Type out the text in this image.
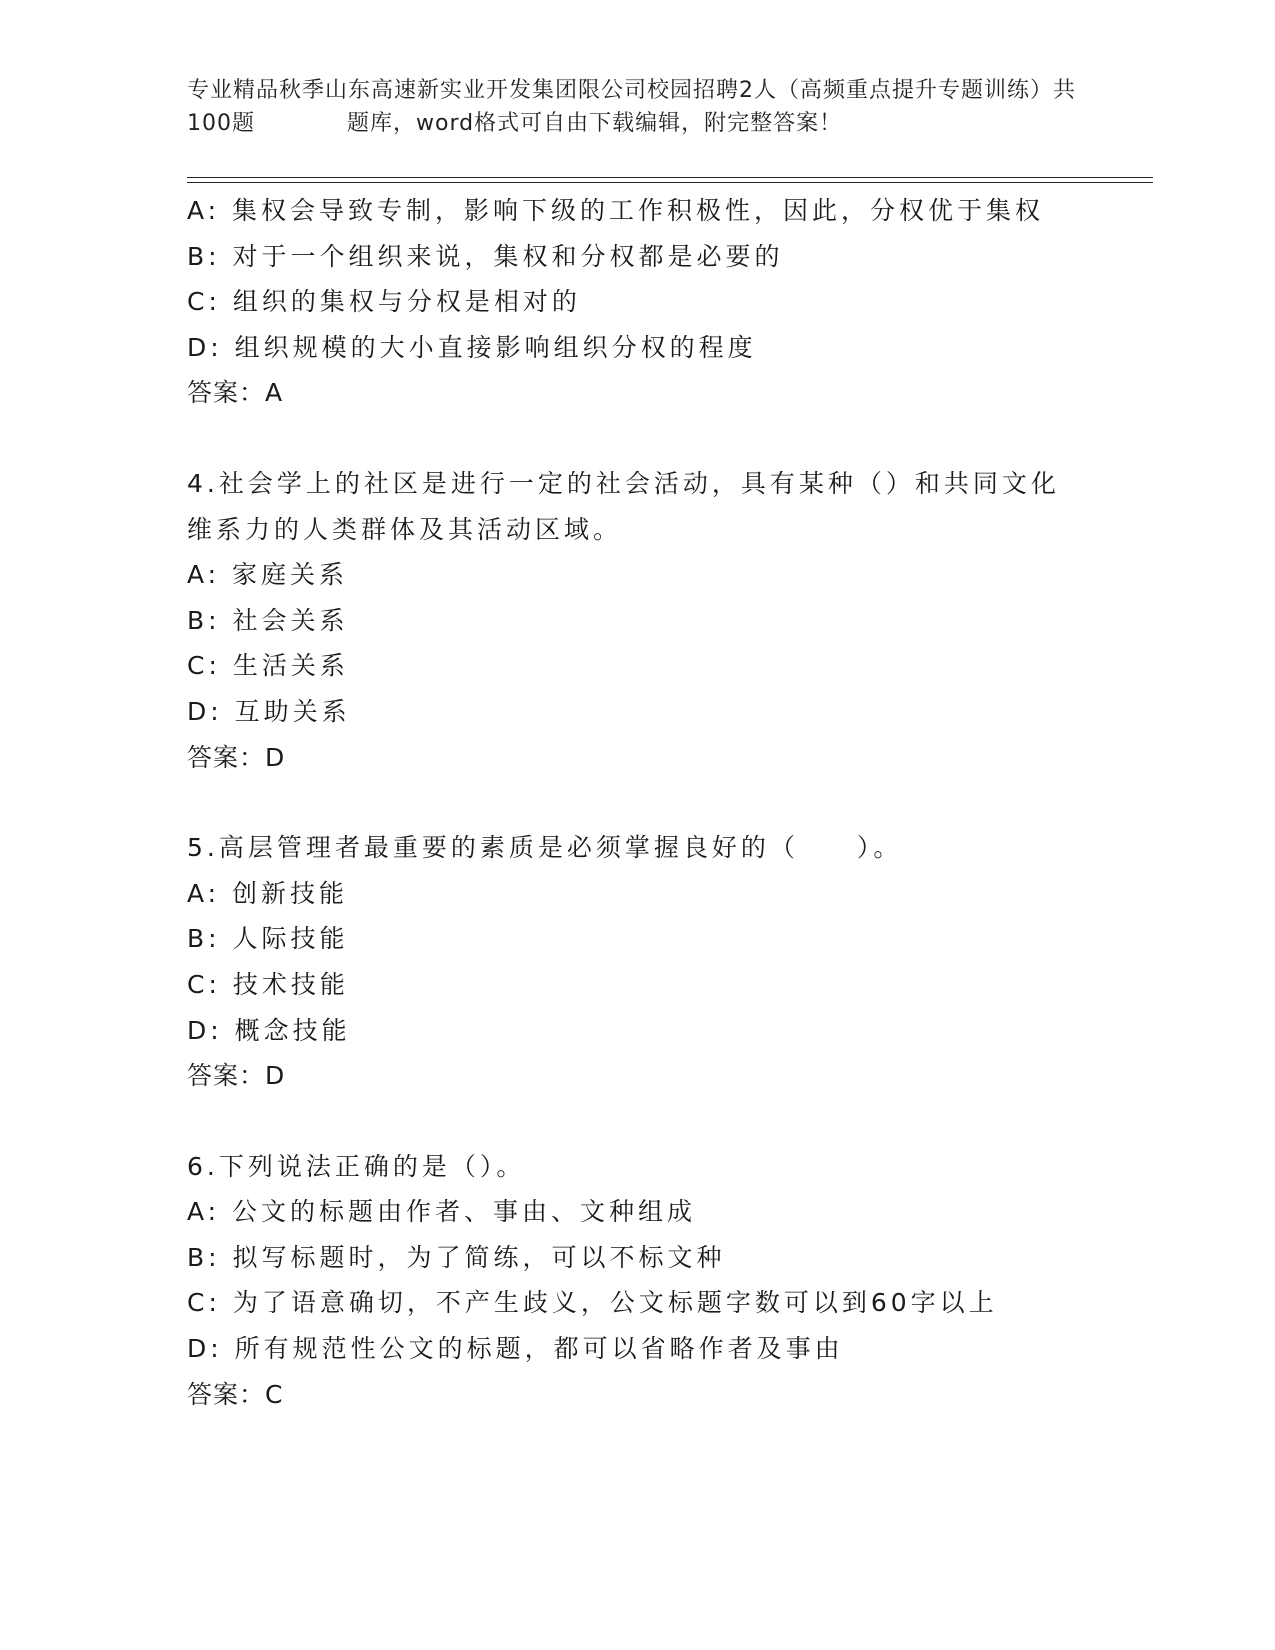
专业精品秋季山东高速新实业开发集团限公司校园招聘2人（高频重点提升专题训练）共100题　　　　题库，word格式可自由下载编辑，附完整答案！
A: 集权会导致专制，影响下级的工作积极性，因此，分权优于集权
B: 对于一个组织来说，集权和分权都是必要的
C: 组织的集权与分权是相对的
D: 组织规模的大小直接影响组织分权的程度
答案：A
4.社会学上的社区是进行一定的社会活动，具有某种（）和共同文化
维系力的人类群体及其活动区域。
A: 家庭关系
B: 社会关系
C: 生活关系
D: 互助关系
答案：D
5.高层管理者最重要的素质是必须掌握良好的（　　）。
A: 创新技能
B: 人际技能
C: 技术技能
D: 概念技能
答案：D
6.下列说法正确的是（）。
A: 公文的标题由作者、事由、文种组成
B: 拟写标题时，为了简练，可以不标文种
C: 为了语意确切，不产生歧义，公文标题字数可以到60字以上
D: 所有规范性公文的标题，都可以省略作者及事由
答案：C
